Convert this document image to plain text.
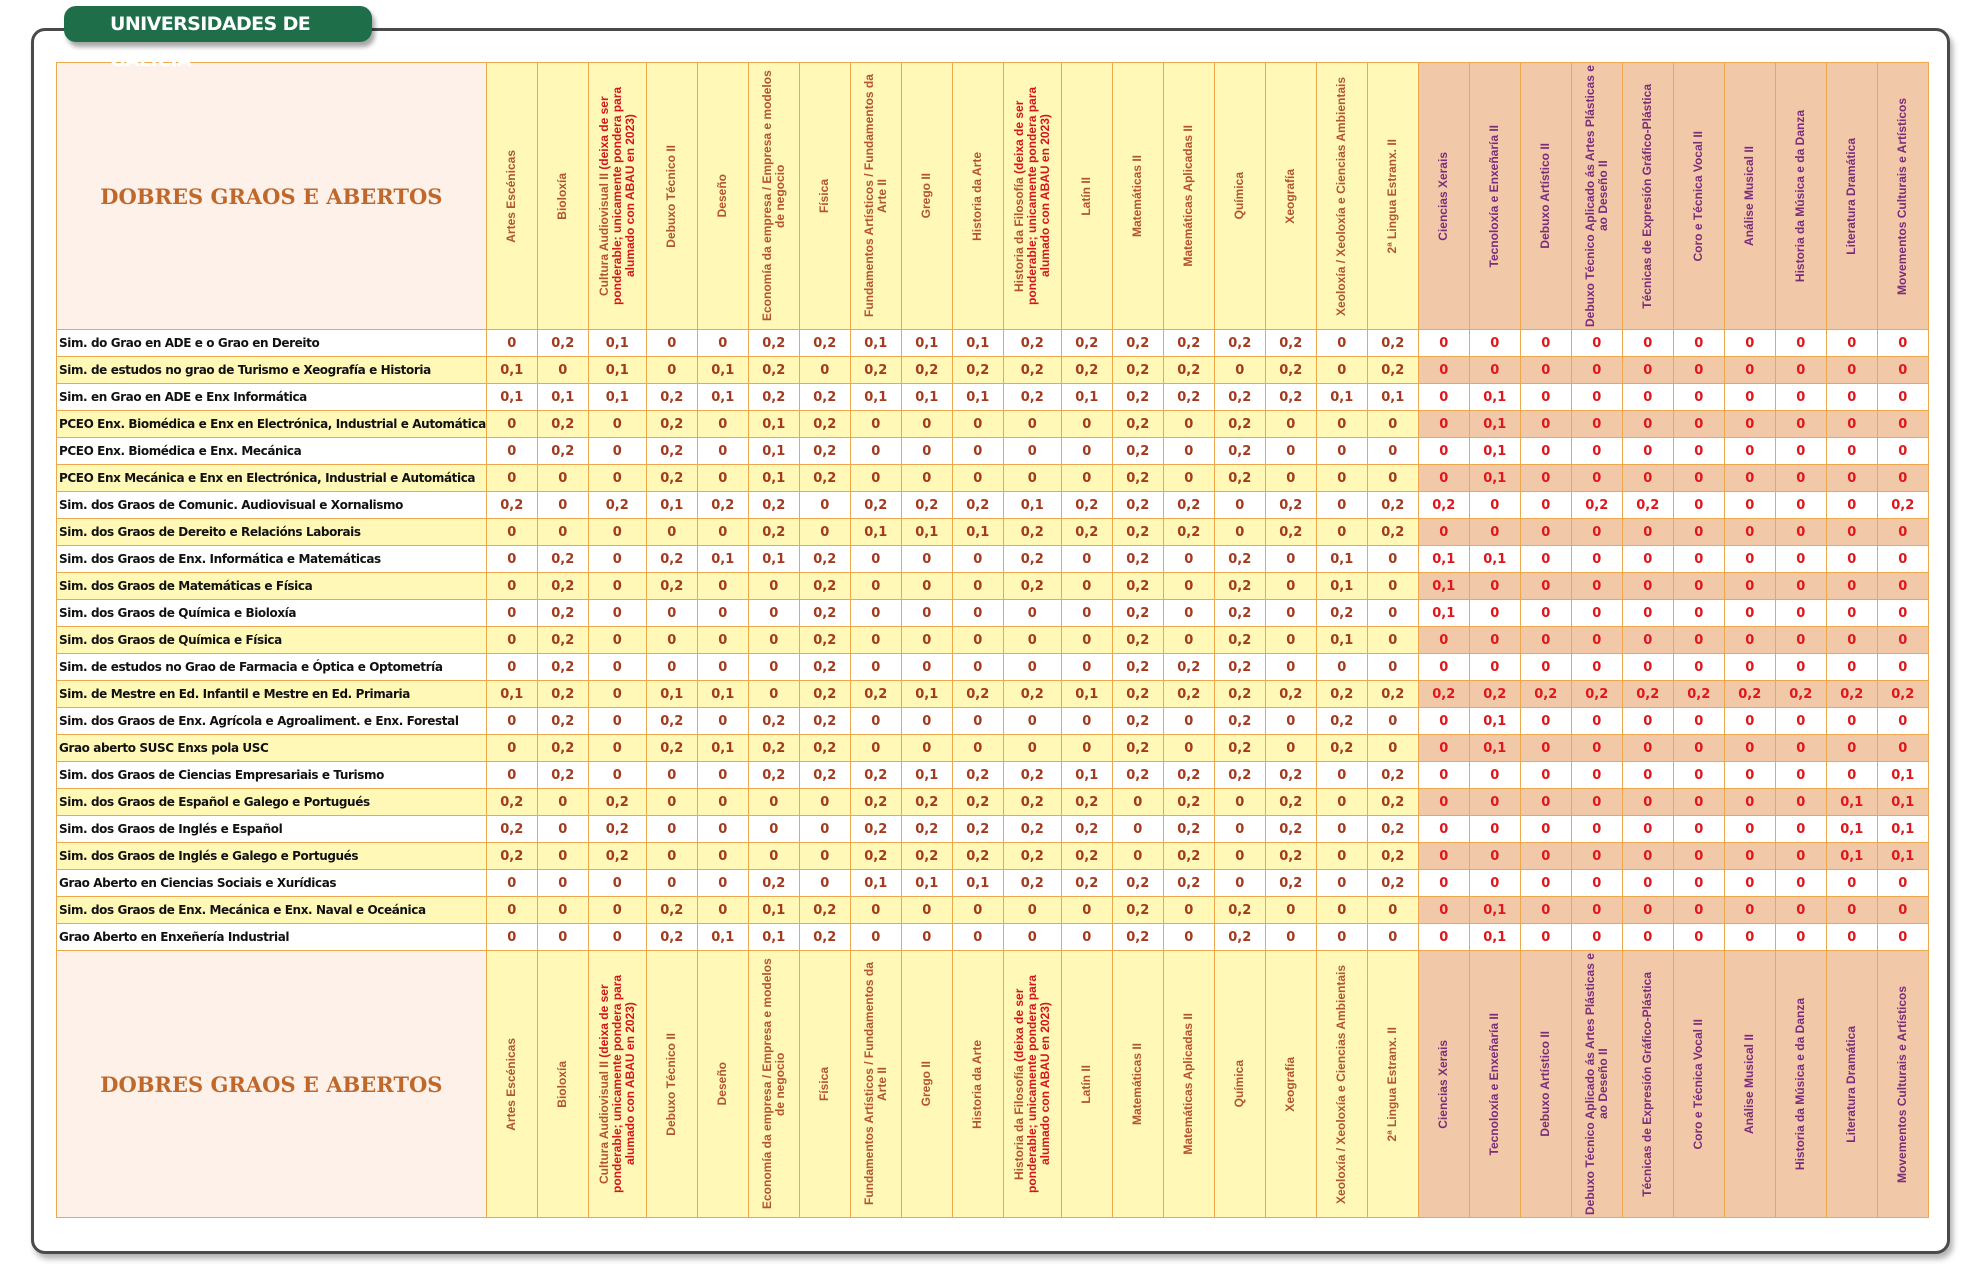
UNIVERSIDADES DE GALICIA
DOBRES GRAOS E ABERTOS	Artes Escénicas	Bioloxía	Cultura Audiovisual II (deixa de ser ponderable; unicamente pondera para alumado con ABAU en 2023)	Debuxo Técnico II	Deseño	Economía da empresa / Empresa e modelos de negocio	Física	Fundamentos Artísticos / Fundamentos da Arte II	Grego II	Historia da Arte	Historia da Filosofía (deixa de ser ponderable; unicamente pondera para alumado con ABAU en 2023)	Latín II	Matemáticas II	Matemáticas Aplicadas II	Química	Xeografía	Xeoloxía / Xeoloxía e Ciencias Ambientais	2ª Lingua Estranx. II	Ciencias Xerais	Tecnoloxía e Enxeñaría II	Debuxo Artístico II	Debuxo Técnico Aplicado ás Artes Plásticas e ao Deseño II	Técnicas de Expresión Gráfico-Plástica	Coro e Técnica Vocal II	Análise Musical II	Historia da Música e da Danza	Literatura Dramática	Movementos Culturais e Artísticos

Sim. do Grao en ADE e o Grao en Dereito	0	0,2	0,1	0	0	0,2	0,2	0,1	0,1	0,1	0,2	0,2	0,2	0,2	0,2	0,2	0	0,2	0	0	0	0	0	0	0	0	0	0
Sim. de estudos no grao de Turismo e Xeografía e Historia	0,1	0	0,1	0	0,1	0,2	0	0,2	0,2	0,2	0,2	0,2	0,2	0,2	0	0,2	0	0,2	0	0	0	0	0	0	0	0	0	0
Sim. en Grao en ADE e Enx Informática	0,1	0,1	0,1	0,2	0,1	0,2	0,2	0,1	0,1	0,1	0,2	0,1	0,2	0,2	0,2	0,2	0,1	0,1	0	0,1	0	0	0	0	0	0	0	0
PCEO Enx. Biomédica e Enx en Electrónica, Industrial e Automática	0	0,2	0	0,2	0	0,1	0,2	0	0	0	0	0	0,2	0	0,2	0	0	0	0	0,1	0	0	0	0	0	0	0	0
PCEO Enx. Biomédica e Enx. Mecánica	0	0,2	0	0,2	0	0,1	0,2	0	0	0	0	0	0,2	0	0,2	0	0	0	0	0,1	0	0	0	0	0	0	0	0
PCEO Enx Mecánica e Enx en Electrónica, Industrial e Automática	0	0	0	0,2	0	0,1	0,2	0	0	0	0	0	0,2	0	0,2	0	0	0	0	0,1	0	0	0	0	0	0	0	0
Sim. dos Graos de Comunic. Audiovisual e Xornalismo	0,2	0	0,2	0,1	0,2	0,2	0	0,2	0,2	0,2	0,1	0,2	0,2	0,2	0	0,2	0	0,2	0,2	0	0	0,2	0,2	0	0	0	0	0,2
Sim. dos Graos de Dereito e Relacións Laborais	0	0	0	0	0	0,2	0	0,1	0,1	0,1	0,2	0,2	0,2	0,2	0	0,2	0	0,2	0	0	0	0	0	0	0	0	0	0
Sim. dos Graos de Enx. Informática e Matemáticas	0	0,2	0	0,2	0,1	0,1	0,2	0	0	0	0,2	0	0,2	0	0,2	0	0,1	0	0,1	0,1	0	0	0	0	0	0	0	0
Sim. dos Graos de Matemáticas e Física	0	0,2	0	0,2	0	0	0,2	0	0	0	0,2	0	0,2	0	0,2	0	0,1	0	0,1	0	0	0	0	0	0	0	0	0
Sim. dos Graos de Química e Bioloxía	0	0,2	0	0	0	0	0,2	0	0	0	0	0	0,2	0	0,2	0	0,2	0	0,1	0	0	0	0	0	0	0	0	0
Sim. dos Graos de Química e Física	0	0,2	0	0	0	0	0,2	0	0	0	0	0	0,2	0	0,2	0	0,1	0	0	0	0	0	0	0	0	0	0	0
Sim. de estudos no Grao de Farmacia e Óptica e Optometría	0	0,2	0	0	0	0	0,2	0	0	0	0	0	0,2	0,2	0,2	0	0	0	0	0	0	0	0	0	0	0	0	0
Sim. de Mestre en Ed. Infantil e Mestre en Ed. Primaria	0,1	0,2	0	0,1	0,1	0	0,2	0,2	0,1	0,2	0,2	0,1	0,2	0,2	0,2	0,2	0,2	0,2	0,2	0,2	0,2	0,2	0,2	0,2	0,2	0,2	0,2	0,2
Sim. dos Graos de Enx. Agrícola e Agroaliment. e Enx. Forestal	0	0,2	0	0,2	0	0,2	0,2	0	0	0	0	0	0,2	0	0,2	0	0,2	0	0	0,1	0	0	0	0	0	0	0	0
Grao aberto SUSC Enxs pola USC	0	0,2	0	0,2	0,1	0,2	0,2	0	0	0	0	0	0,2	0	0,2	0	0,2	0	0	0,1	0	0	0	0	0	0	0	0
Sim. dos Graos de Ciencias Empresariais e Turismo	0	0,2	0	0	0	0,2	0,2	0,2	0,1	0,2	0,2	0,1	0,2	0,2	0,2	0,2	0	0,2	0	0	0	0	0	0	0	0	0	0,1
Sim. dos Graos de Español e Galego e Portugués	0,2	0	0,2	0	0	0	0	0,2	0,2	0,2	0,2	0,2	0	0,2	0	0,2	0	0,2	0	0	0	0	0	0	0	0	0,1	0,1
Sim. dos Graos de Inglés e Español	0,2	0	0,2	0	0	0	0	0,2	0,2	0,2	0,2	0,2	0	0,2	0	0,2	0	0,2	0	0	0	0	0	0	0	0	0,1	0,1
Sim. dos Graos de Inglés e Galego e Portugués	0,2	0	0,2	0	0	0	0	0,2	0,2	0,2	0,2	0,2	0	0,2	0	0,2	0	0,2	0	0	0	0	0	0	0	0	0,1	0,1
Grao Aberto en Ciencias Sociais e Xurídicas	0	0	0	0	0	0,2	0	0,1	0,1	0,1	0,2	0,2	0,2	0,2	0	0,2	0	0,2	0	0	0	0	0	0	0	0	0	0
Sim. dos Graos de Enx. Mecánica e Enx. Naval e Oceánica	0	0	0	0,2	0	0,1	0,2	0	0	0	0	0	0,2	0	0,2	0	0	0	0	0,1	0	0	0	0	0	0	0	0
Grao Aberto en Enxeñería Industrial	0	0	0	0,2	0,1	0,1	0,2	0	0	0	0	0	0,2	0	0,2	0	0	0	0	0,1	0	0	0	0	0	0	0	0
DOBRES GRAOS E ABERTOS	Artes Escénicas	Bioloxía	Cultura Audiovisual II (deixa de ser ponderable; unicamente pondera para alumado con ABAU en 2023)	Debuxo Técnico II	Deseño	Economía da empresa / Empresa e modelos de negocio	Física	Fundamentos Artísticos / Fundamentos da Arte II	Grego II	Historia da Arte	Historia da Filosofía (deixa de ser ponderable; unicamente pondera para alumado con ABAU en 2023)	Latín II	Matemáticas II	Matemáticas Aplicadas II	Química	Xeografía	Xeoloxía / Xeoloxía e Ciencias Ambientais	2ª Lingua Estranx. II	Ciencias Xerais	Tecnoloxía e Enxeñaría II	Debuxo Artístico II	Debuxo Técnico Aplicado ás Artes Plásticas e ao Deseño II	Técnicas de Expresión Gráfico-Plástica	Coro e Técnica Vocal II	Análise Musical II	Historia da Música e da Danza	Literatura Dramática	Movementos Culturais e Artísticos
